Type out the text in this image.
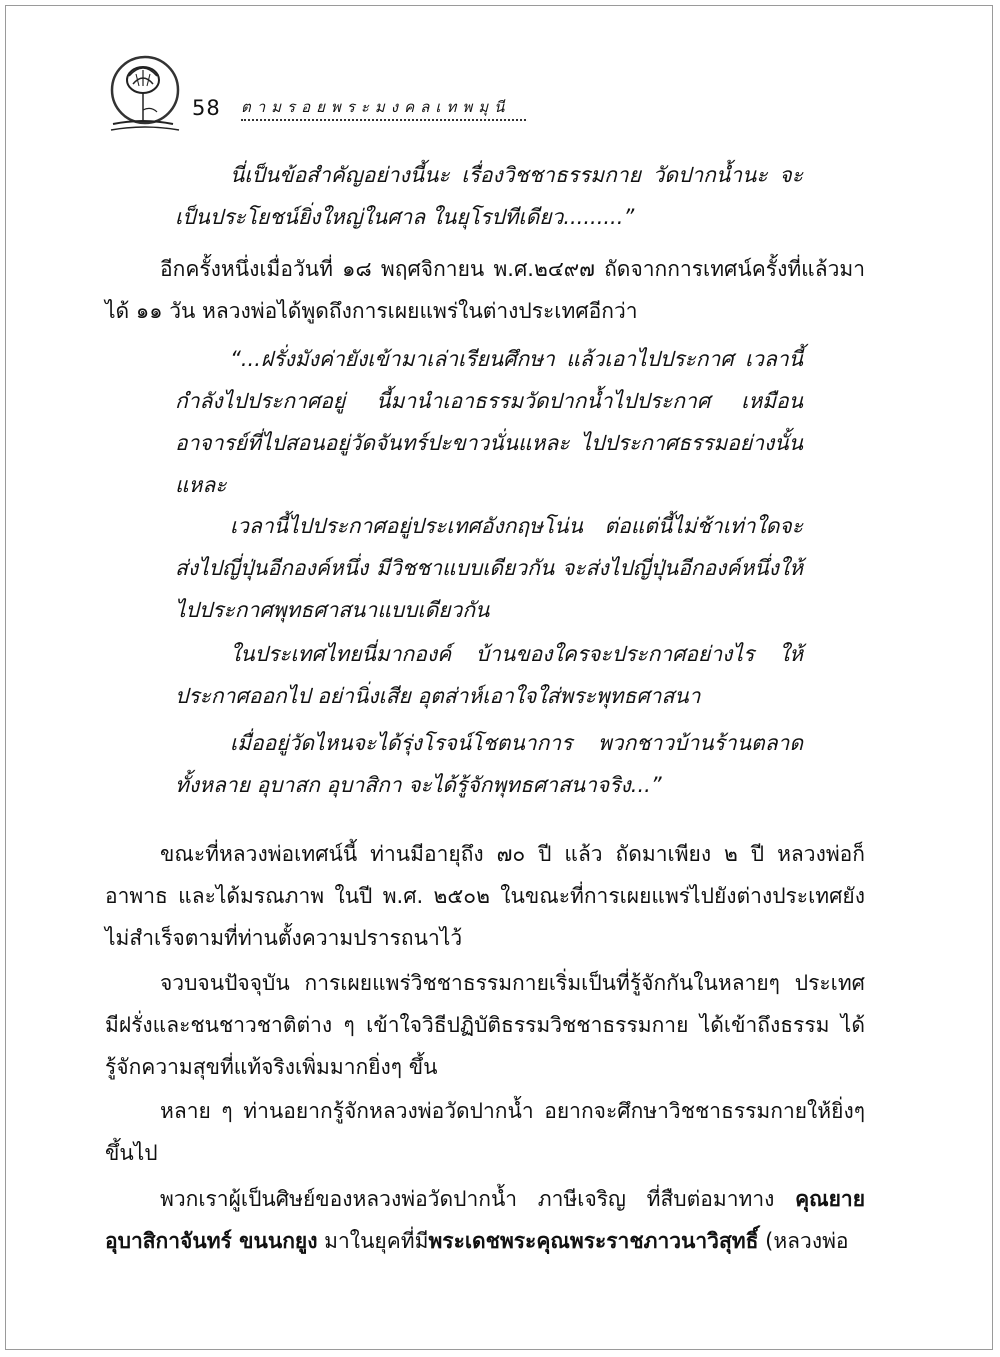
58 ตามรอยพระมงคลเทพมุนี

นี่เป็นข้อสำคัญอย่างนี้นะ เรื่องวิชชาธรรมกาย วัดปากน้ำนะ จะเป็นประโยชน์ยิ่งใหญ่ในศาล ในยุโรปทีเดียว.........”

อีกครั้งหนึ่งเมื่อวันที่ ๑๘ พฤศจิกายน พ.ศ.๒๔๙๗ ถัดจากการเทศน์ครั้งที่แล้วมาได้ ๑๑ วัน หลวงพ่อได้พูดถึงการเผยแพร่ในต่างประเทศอีกว่า

“...ฝรั่งมังค่ายังเข้ามาเล่าเรียนศึกษา แล้วเอาไปประกาศ เวลานี้กำลังไปประกาศอยู่ นี้มานำเอาธรรมวัดปากน้ำไปประกาศ เหมือนอาจารย์ที่ไปสอนอยู่วัดจันทร์ปะขาวนั่นแหละ ไปประกาศธรรมอย่างนั้นแหละ

เวลานี้ไปประกาศอยู่ประเทศอังกฤษโน่น ต่อแต่นี้ไม่ช้าเท่าใดจะส่งไปญี่ปุ่นอีกองค์หนึ่ง มีวิชชาแบบเดียวกัน จะส่งไปญี่ปุ่นอีกองค์หนึ่งให้ไปประกาศพุทธศาสนาแบบเดียวกัน

ในประเทศไทยนี่มากองค์ บ้านของใครจะประกาศอย่างไร ให้ประกาศออกไป อย่านิ่งเสีย อุตส่าห์เอาใจใส่พระพุทธศาสนา

เมื่ออยู่วัดไหนจะได้รุ่งโรจน์โชตนาการ พวกชาวบ้านร้านตลาดทั้งหลาย อุบาสก อุบาสิกา จะได้รู้จักพุทธศาสนาจริง...”

ขณะที่หลวงพ่อเทศน์นี้ ท่านมีอายุถึง ๗๐ ปี แล้ว ถัดมาเพียง ๒ ปี หลวงพ่อก็อาพาธ และได้มรณภาพ ในปี พ.ศ. ๒๕๐๒ ในขณะที่การเผยแพร่ไปยังต่างประเทศยังไม่สำเร็จตามที่ท่านตั้งความปรารถนาไว้

จวบจนปัจจุบัน การเผยแพร่วิชชาธรรมกายเริ่มเป็นที่รู้จักกันในหลายๆ ประเทศ มีฝรั่งและชนชาวชาติต่าง ๆ เข้าใจวิธีปฏิบัติธรรมวิชชาธรรมกาย ได้เข้าถึงธรรม ได้รู้จักความสุขที่แท้จริงเพิ่มมากยิ่งๆ ขึ้น

หลาย ๆ ท่านอยากรู้จักหลวงพ่อวัดปากน้ำ อยากจะศึกษาวิชชาธรรมกายให้ยิ่งๆ ขึ้นไป

พวกเราผู้เป็นศิษย์ของหลวงพ่อวัดปากน้ำ ภาษีเจริญ ที่สืบต่อมาทาง คุณยายอุบาสิกาจันทร์ ขนนกยูง มาในยุคที่มีพระเดชพระคุณพระราชภาวนาวิสุทธิ์ (หลวงพ่อ
